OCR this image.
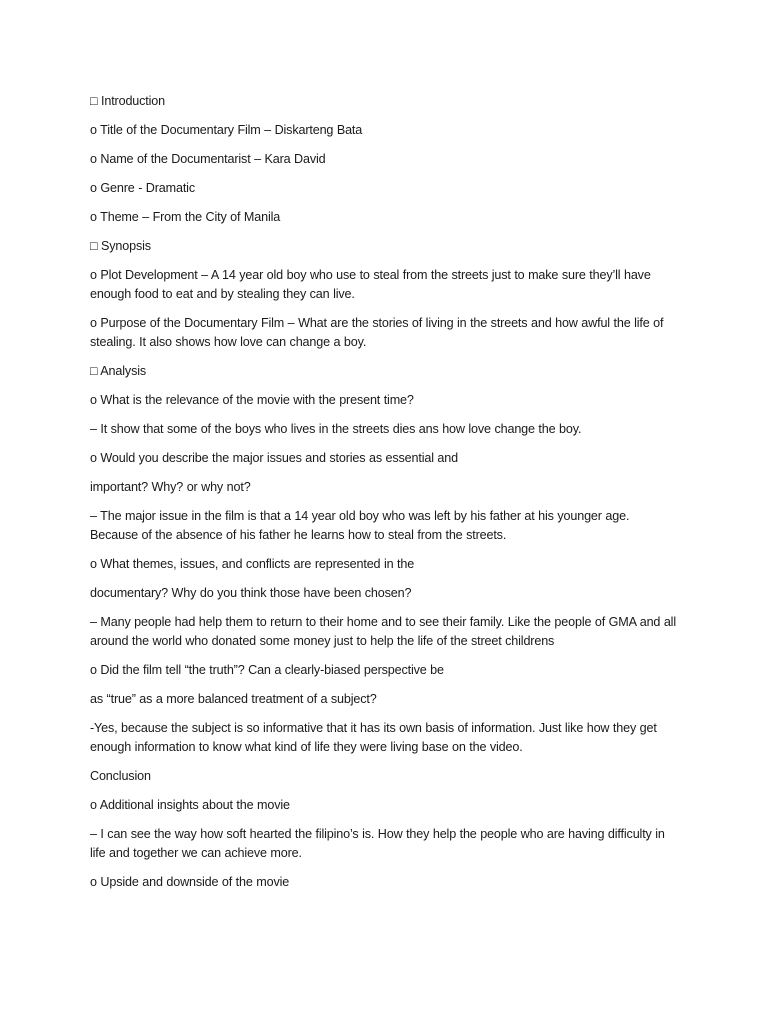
□ Introduction

o Title of the Documentary Film – Diskarteng Bata

o Name of the Documentarist – Kara David

o Genre - Dramatic

o Theme – From the City of Manila

□ Synopsis

o Plot Development – A 14 year old boy who use to steal from the streets just to make sure they’ll have enough food to eat and by stealing they can live.

o Purpose of the Documentary Film – What are the stories of living in the streets and how awful the life of stealing. It also shows how love can change a boy.

□ Analysis

o What is the relevance of the movie with the present time?

– It show that some of the boys who lives in the streets dies ans how love change the boy.

o Would you describe the major issues and stories as essential and

important? Why? or why not?

– The major issue in the film is that a 14 year old boy who was left by his father at his younger age. Because of the absence of his father he learns how to steal from the streets.

o What themes, issues, and conflicts are represented in the

documentary? Why do you think those have been chosen?

– Many people had help them to return to their home and to see their family. Like the people of GMA and all around the world who donated some money just to help the life of the street childrens

o Did the film tell “the truth”? Can a clearly-biased perspective be

as “true” as a more balanced treatment of a subject?

-Yes, because the subject is so informative that it has its own basis of information. Just like how they get enough information to know what kind of life they were living base on the video.

Conclusion

o Additional insights about the movie

– I can see the way how soft hearted the filipino’s is. How they help the people who are having difficulty in life and together we can achieve more.

o Upside and downside of the movie
